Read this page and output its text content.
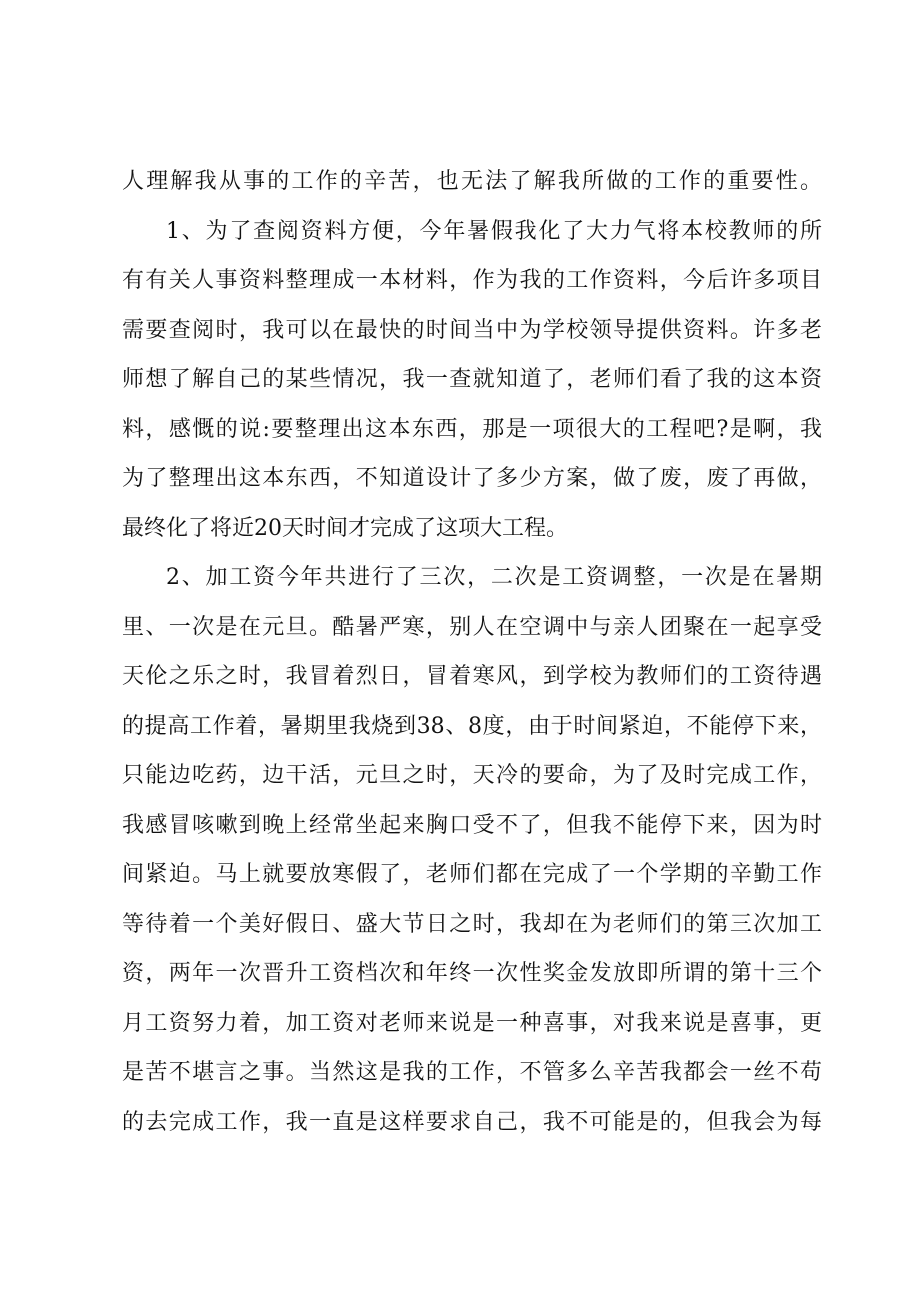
人理解我从事的工作的辛苦，也无法了解我所做的工作的重要性。
1、为了查阅资料方便，今年暑假我化了大力气将本校教师的所
有有关人事资料整理成一本材料，作为我的工作资料，今后许多项目
需要查阅时，我可以在最快的时间当中为学校领导提供资料。许多老
师想了解自己的某些情况，我一查就知道了，老师们看了我的这本资
料，感慨的说:要整理出这本东西，那是一项很大的工程吧?是啊，我
为了整理出这本东西，不知道设计了多少方案，做了废，废了再做，
最终化了将近20天时间才完成了这项大工程。
2、加工资今年共进行了三次，二次是工资调整，一次是在暑期
里、一次是在元旦。酷暑严寒，别人在空调中与亲人团聚在一起享受
天伦之乐之时，我冒着烈日，冒着寒风，到学校为教师们的工资待遇
的提高工作着，暑期里我烧到38、8度，由于时间紧迫，不能停下来，
只能边吃药，边干活，元旦之时，天冷的要命，为了及时完成工作，
我感冒咳嗽到晚上经常坐起来胸口受不了，但我不能停下来，因为时
间紧迫。马上就要放寒假了，老师们都在完成了一个学期的辛勤工作
等待着一个美好假日、盛大节日之时，我却在为老师们的第三次加工
资，两年一次晋升工资档次和年终一次性奖金发放即所谓的第十三个
月工资努力着，加工资对老师来说是一种喜事，对我来说是喜事，更
是苦不堪言之事。当然这是我的工作，不管多么辛苦我都会一丝不苟
的去完成工作，我一直是这样要求自己，我不可能是的，但我会为每
